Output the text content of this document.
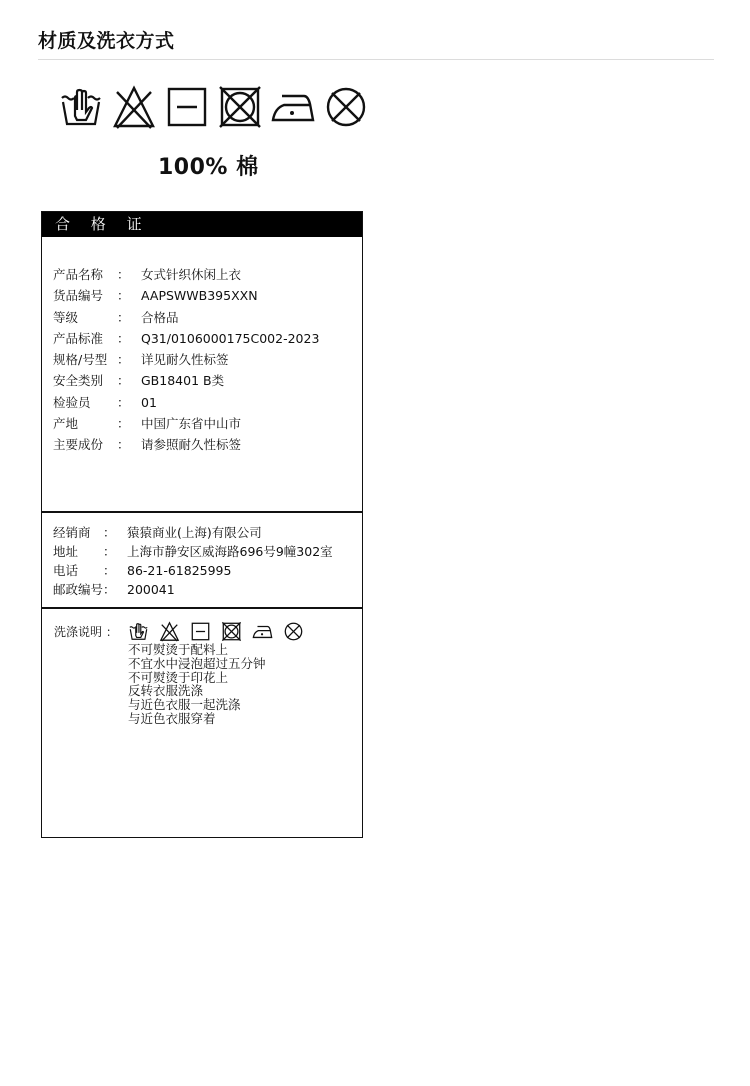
材质及洗衣方式
100% 棉
合 格 证
产品名称	： 女式针织休闲上衣
货品编号	： AAPSWWB395XXN
等级	： 合格品
产品标准	： Q31/0106000175C002-2023
规格/号型 ： 详见耐久性标签
安全类别	： GB18401 B类
检验员	： 01
产地	： 中国广东省中山市
主要成份	： 请参照耐久性标签
经销商 ： 猿猿商业(上海)有限公司
地址	： 上海市静安区威海路696号9幢302室
电话	： 86-21-61825995
邮政编号 ： 200041
洗涤说明 ：
不可熨烫于配料上
不宜水中浸泡超过五分钟
不可熨烫于印花上
反转衣服洗涤
与近色衣服一起洗涤
与近色衣服穿着
